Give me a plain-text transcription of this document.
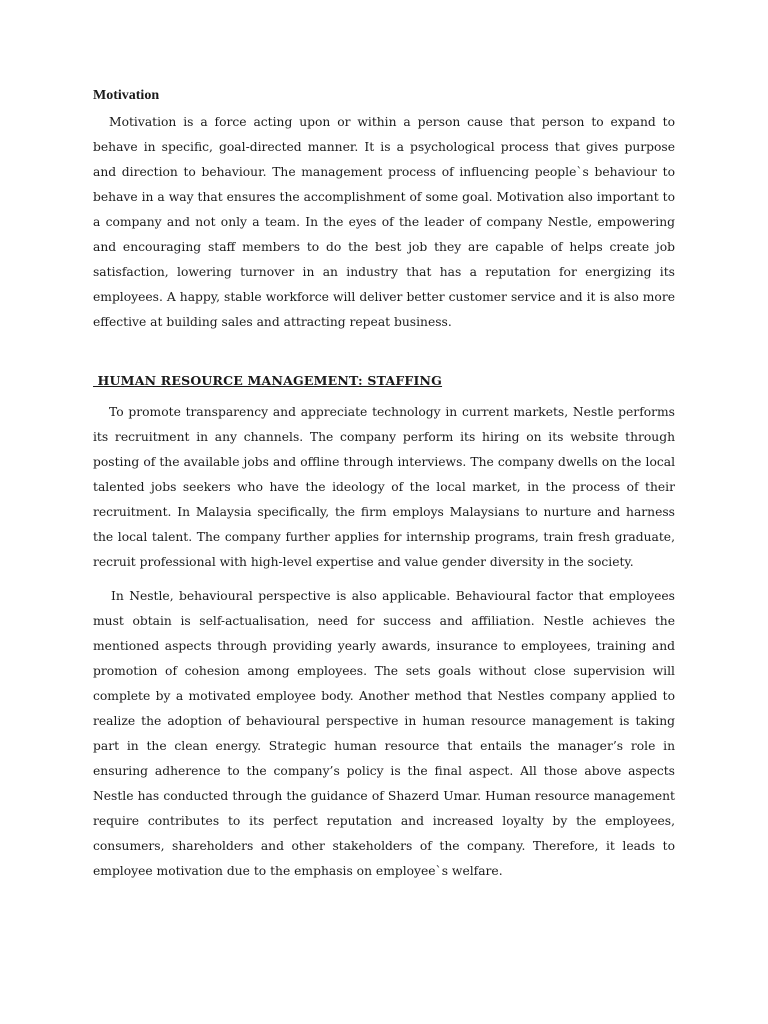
Motivation

Motivation is a force acting upon or within a person cause that person to expand to behave in specific, goal-directed manner. It is a psychological process that gives purpose and direction to behaviour. The management process of influencing people`s behaviour to behave in a way that ensures the accomplishment of some goal. Motivation also important to a company and not only a team. In the eyes of the leader of company Nestle, empowering and encouraging staff members to do the best job they are capable of helps create job satisfaction, lowering turnover in an industry that has a reputation for energizing its employees. A happy, stable workforce will deliver better customer service and it is also more effective at building sales and attracting repeat business.

HUMAN RESOURCE MANAGEMENT: STAFFING

To promote transparency and appreciate technology in current markets, Nestle performs its recruitment in any channels. The company perform its hiring on its website through posting of the available jobs and offline through interviews. The company dwells on the local talented jobs seekers who have the ideology of the local market, in the process of their recruitment. In Malaysia specifically, the firm employs Malaysians to nurture and harness the local talent. The company further applies for internship programs, train fresh graduate, recruit professional with high-level expertise and value gender diversity in the society.

In Nestle, behavioural perspective is also applicable. Behavioural factor that employees must obtain is self-actualisation, need for success and affiliation. Nestle achieves the mentioned aspects through providing yearly awards, insurance to employees, training and promotion of cohesion among employees. The sets goals without close supervision will complete by a motivated employee body. Another method that Nestles company applied to realize the adoption of behavioural perspective in human resource management is taking part in the clean energy. Strategic human resource that entails the manager’s role in ensuring adherence to the company’s policy is the final aspect. All those above aspects Nestle has conducted through the guidance of Shazerd Umar. Human resource management require contributes to its perfect reputation and increased loyalty by the employees, consumers, shareholders and other stakeholders of the company. Therefore, it leads to employee motivation due to the emphasis on employee`s welfare.
